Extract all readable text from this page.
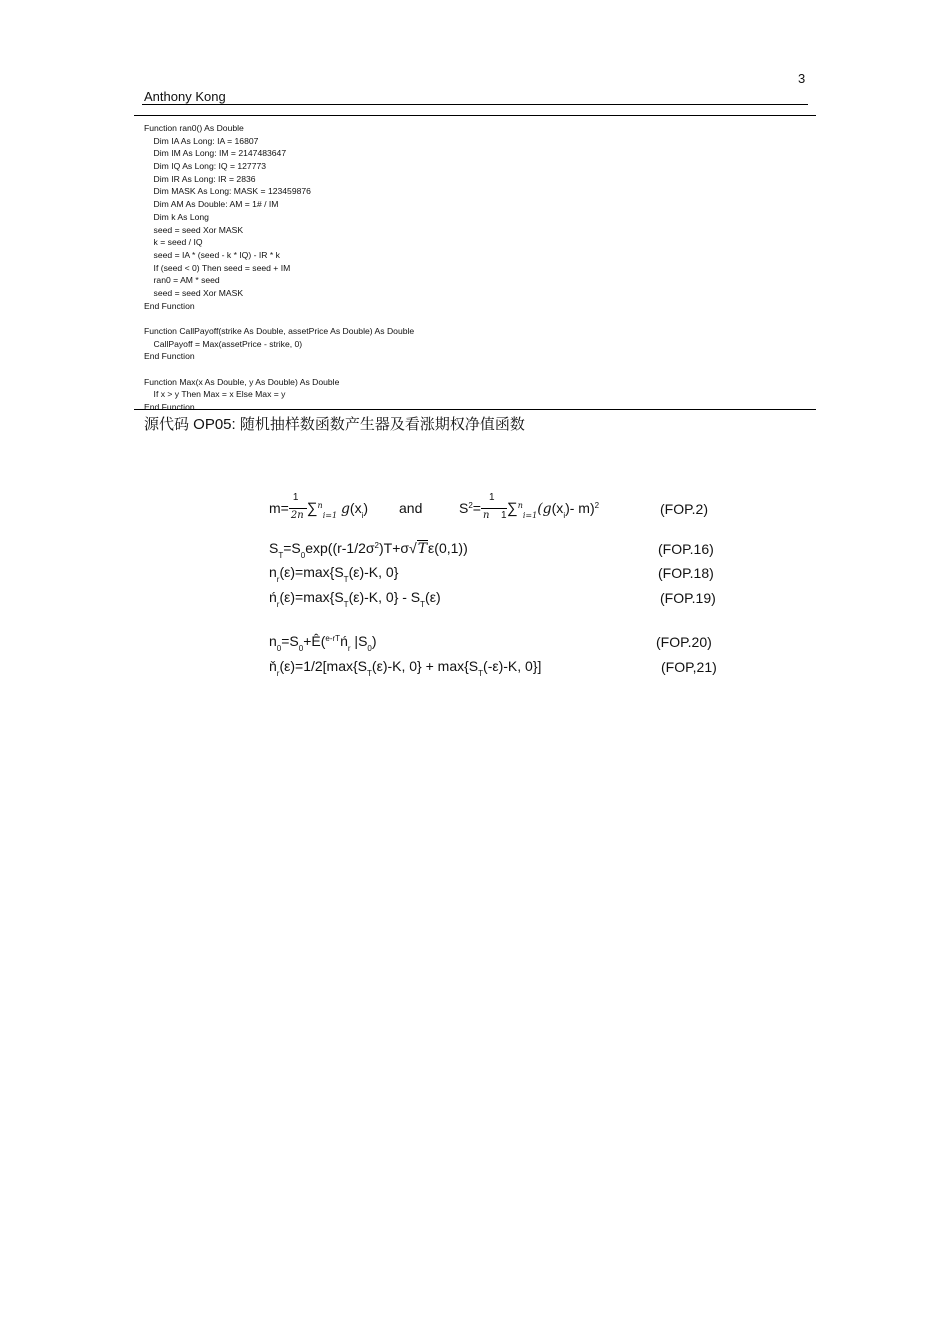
3
Anthony Kong
Function ran0() As Double
Dim IA As Long: IA = 16807
Dim IM As Long: IM = 2147483647
Dim IQ As Long: IQ = 127773
Dim IR As Long: IR = 2836
Dim MASK As Long: MASK = 123459876
Dim AM As Double: AM = 1# / IM
Dim k As Long
seed = seed Xor MASK
k = seed / IQ
seed = IA * (seed - k * IQ) - IR * k
If (seed < 0) Then seed = seed + IM
ran0 = AM * seed
seed = seed Xor MASK
End Function
Function CallPayoff(strike As Double, assetPrice As Double) As Double
CallPayoff = Max(assetPrice - strike, 0)
End Function
Function Max(x As Double, y As Double) As Double
If x > y Then Max = x Else Max = y
End Function
源代码 OP05: 随机抽样数函数产生器及看涨期权净值函数
$m= \frac{1}{2n} \sum^n_{i=1}$ $g(x_i)$ and	$S^2=$
1
n 1 $\sum^n_{i=1}(g(x_i)-$ m)$^2$	(FOP.2)
$S_T=S_0\exp((r-1/2\sigma^2)T+\sigma√T\varepsilon(0,1))$	(FOP.16)
$n_r(\varepsilon)=\max\{S_T(\varepsilon)-K$, 0}	(FOP.18)
$ń_r(\varepsilon)=\max\{S_T(\varepsilon)-K$, $0\} - S_T(\varepsilon)$	(FOP.19)
$n_0=S_0+Ê(^{e-rT}ń_r$ $|S_0$)	(FOP.20)
$ň_r(\varepsilon)=1/2[\max\{S_T(\varepsilon)-K$, $0\} + \max\{S_T(-\varepsilon)-K$, 0}]	(FOP,21)
